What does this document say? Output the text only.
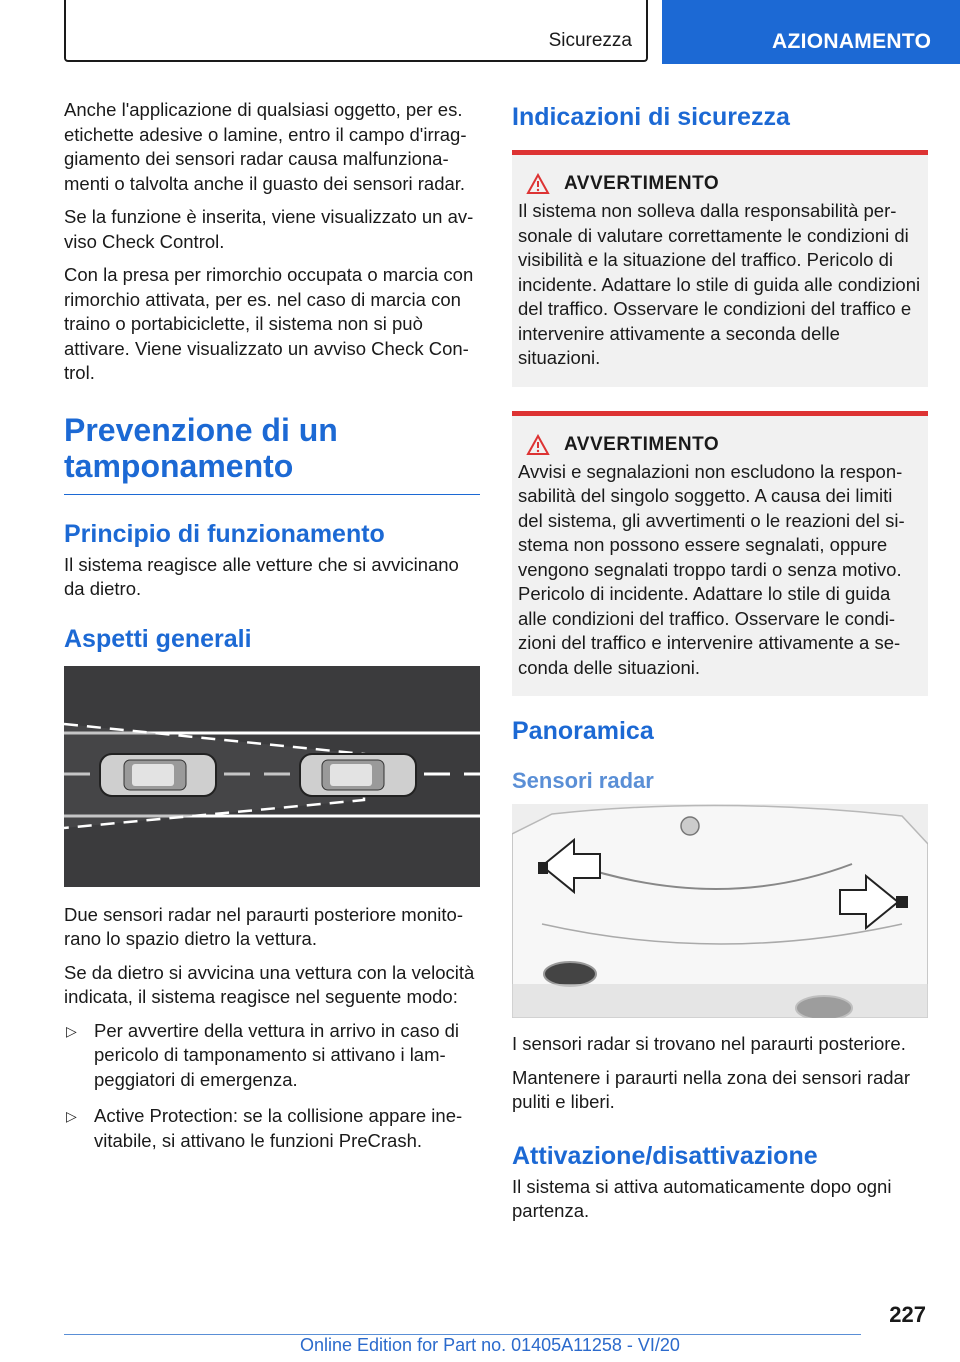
Sicurezza	AZIONAMENTO

Anche l'applicazione di qualsiasi oggetto, per es. etichette adesive o lamine, entro il campo d'irraggiamento dei sensori radar causa malfunzionamenti o talvolta anche il guasto dei sensori radar.

Se la funzione è inserita, viene visualizzato un avviso Check Control.

Con la presa per rimorchio occupata o marcia con rimorchio attivata, per es. nel caso di marcia con traino o portabiciclette, il sistema non si può attivare. Viene visualizzato un avviso Check Control.

Prevenzione di un tamponamento
Principio di funzionamento

Il sistema reagisce alle vetture che si avvicinano da dietro.

Aspetti generali

Due sensori radar nel paraurti posteriore monitorano lo spazio dietro la vettura.

Se da dietro si avvicina una vettura con la velocità indicata, il sistema reagisce nel seguente modo:

▷ Per avvertire della vettura in arrivo in caso di pericolo di tamponamento si attivano i lampeggiatori di emergenza.
▷ Active Protection: se la collisione appare inevitabile, si attivano le funzioni PreCrash.
Indicazioni di sicurezza
AVVERTIMENTO

Il sistema non solleva dalla responsabilità personale di valutare correttamente le condizioni di visibilità e la situazione del traffico. Pericolo di incidente. Adattare lo stile di guida alle condizioni del traffico. Osservare le condizioni del traffico e intervenire attivamente a seconda delle situazioni.

AVVERTIMENTO

Avvisi e segnalazioni non escludono la responsabilità del singolo soggetto. A causa dei limiti del sistema, gli avvertimenti o le reazioni del sistema non possono essere segnalati, oppure vengono segnalati troppo tardi o senza motivo. Pericolo di incidente. Adattare lo stile di guida alle condizioni del traffico. Osservare le condizioni del traffico e intervenire attivamente a seconda delle situazioni.

Panoramica
Sensori radar

I sensori radar si trovano nel paraurti posteriore.

Mantenere i paraurti nella zona dei sensori radar puliti e liberi.

Attivazione/disattivazione

Il sistema si attiva automaticamente dopo ogni partenza.

227
Online Edition for Part no. 01405A11258 - VI/20
